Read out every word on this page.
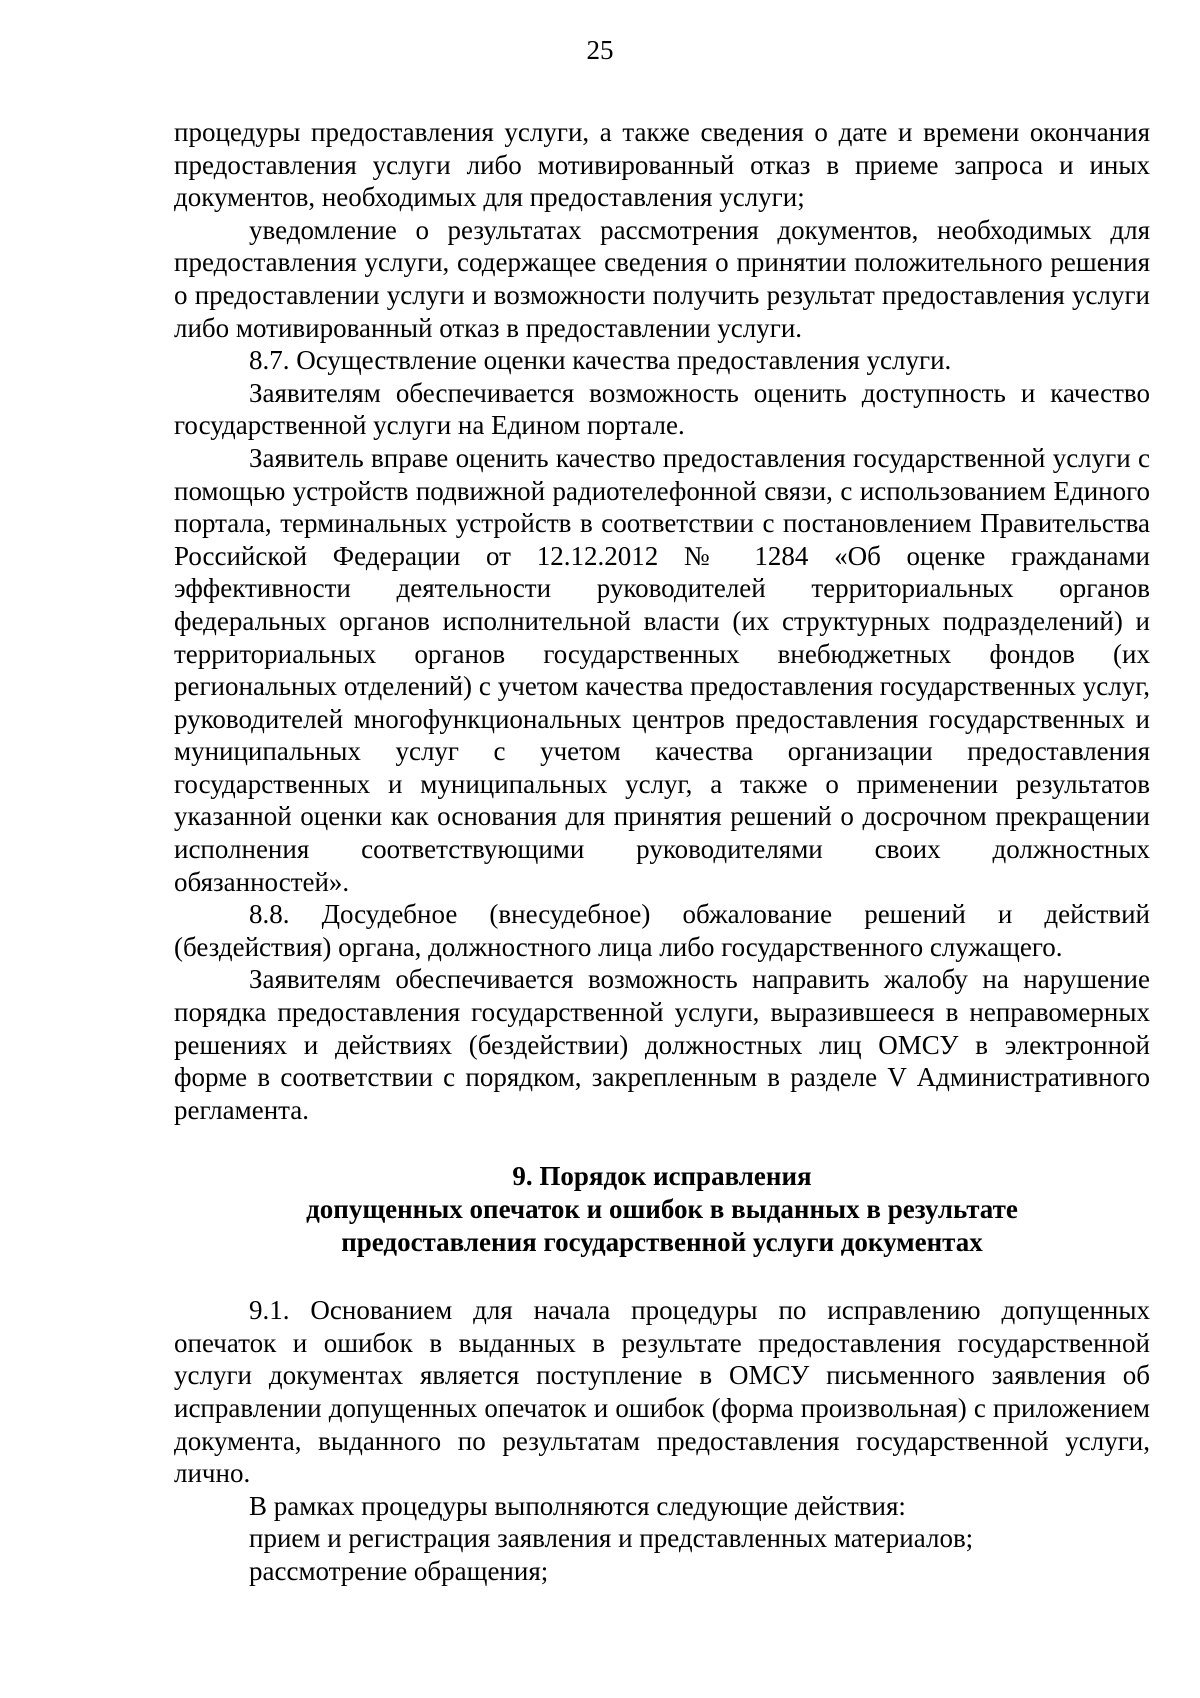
25

процедуры предоставления услуги, а также сведения о дате и времени окончания предоставления услуги либо мотивированный отказ в приеме запроса и иных документов, необходимых для предоставления услуги;

уведомление о результатах рассмотрения документов, необходимых для предоставления услуги, содержащее сведения о принятии положительного решения о предоставлении услуги и возможности получить результат предоставления услуги либо мотивированный отказ в предоставлении услуги.

8.7. Осуществление оценки качества предоставления услуги.

Заявителям обеспечивается возможность оценить доступность и качество государственной услуги на Едином портале.

Заявитель вправе оценить качество предоставления государственной услуги с помощью устройств подвижной радиотелефонной связи, с использованием Единого портала, терминальных устройств в соответствии с постановлением Правительства Российской Федерации от 12.12.2012 № 1284 «Об оценке гражданами эффективности деятельности руководителей территориальных органов федеральных органов исполнительной власти (их структурных подразделений) и территориальных органов государственных внебюджетных фондов (их региональных отделений) с учетом качества предоставления государственных услуг, руководителей многофункциональных центров предоставления государственных и муниципальных услуг с учетом качества организации предоставления государственных и муниципальных услуг, а также о применении результатов указанной оценки как основания для принятия решений о досрочном прекращении исполнения соответствующими руководителями своих должностных обязанностей».

8.8. Досудебное (внесудебное) обжалование решений и действий (бездействия) органа, должностного лица либо государственного служащего.

Заявителям обеспечивается возможность направить жалобу на нарушение порядка предоставления государственной услуги, выразившееся в неправомерных решениях и действиях (бездействии) должностных лиц ОМСУ в электронной форме в соответствии с порядком, закрепленным в разделе V Административного регламента.

9. Порядок исправления
допущенных опечаток и ошибок в выданных в результате
предоставления государственной услуги документах

9.1. Основанием для начала процедуры по исправлению допущенных опечаток и ошибок в выданных в результате предоставления государственной услуги документах является поступление в ОМСУ письменного заявления об исправлении допущенных опечаток и ошибок (форма произвольная) с приложением документа, выданного по результатам предоставления государственной услуги, лично.

В рамках процедуры выполняются следующие действия:

прием и регистрация заявления и представленных материалов;

рассмотрение обращения;
